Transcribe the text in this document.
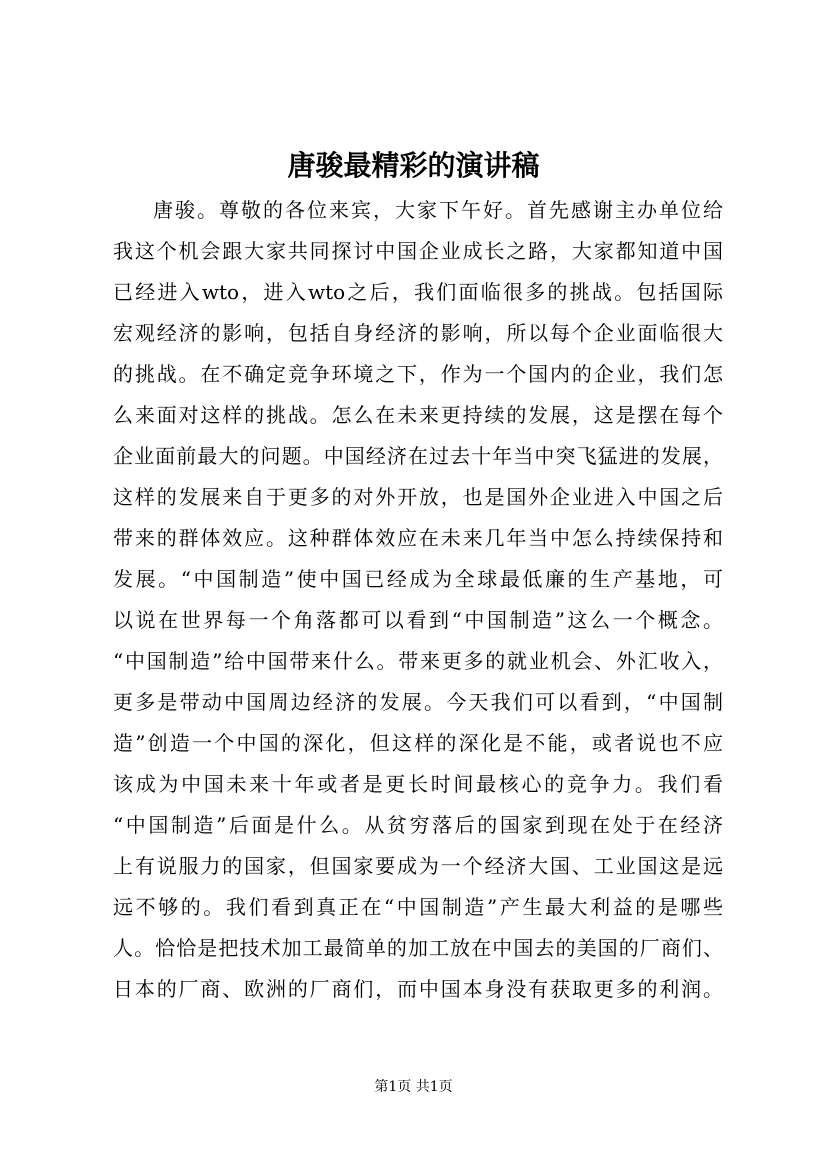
唐骏最精彩的演讲稿
唐骏。尊敬的各位来宾，大家下午好。首先感谢主办单位给
我这个机会跟大家共同探讨中国企业成长之路，大家都知道中国
已经进入wto，进入wto之后，我们面临很多的挑战。包括国际
宏观经济的影响，包括自身经济的影响，所以每个企业面临很大
的挑战。在不确定竞争环境之下，作为一个国内的企业，我们怎
么来面对这样的挑战。怎么在未来更持续的发展，这是摆在每个
企业面前最大的问题。中国经济在过去十年当中突飞猛进的发展，
这样的发展来自于更多的对外开放，也是国外企业进入中国之后
带来的群体效应。这种群体效应在未来几年当中怎么持续保持和
发展。“中国制造”使中国已经成为全球最低廉的生产基地，可
以说在世界每一个角落都可以看到“中国制造”这么一个概念。
“中国制造”给中国带来什么。带来更多的就业机会、外汇收入，
更多是带动中国周边经济的发展。今天我们可以看到，“中国制
造”创造一个中国的深化，但这样的深化是不能，或者说也不应
该成为中国未来十年或者是更长时间最核心的竞争力。我们看
“中国制造”后面是什么。从贫穷落后的国家到现在处于在经济
上有说服力的国家，但国家要成为一个经济大国、工业国这是远
远不够的。我们看到真正在“中国制造”产生最大利益的是哪些
人。恰恰是把技术加工最简单的加工放在中国去的美国的厂商们、
日本的厂商、欧洲的厂商们，而中国本身没有获取更多的利润。
第1页 共1页
